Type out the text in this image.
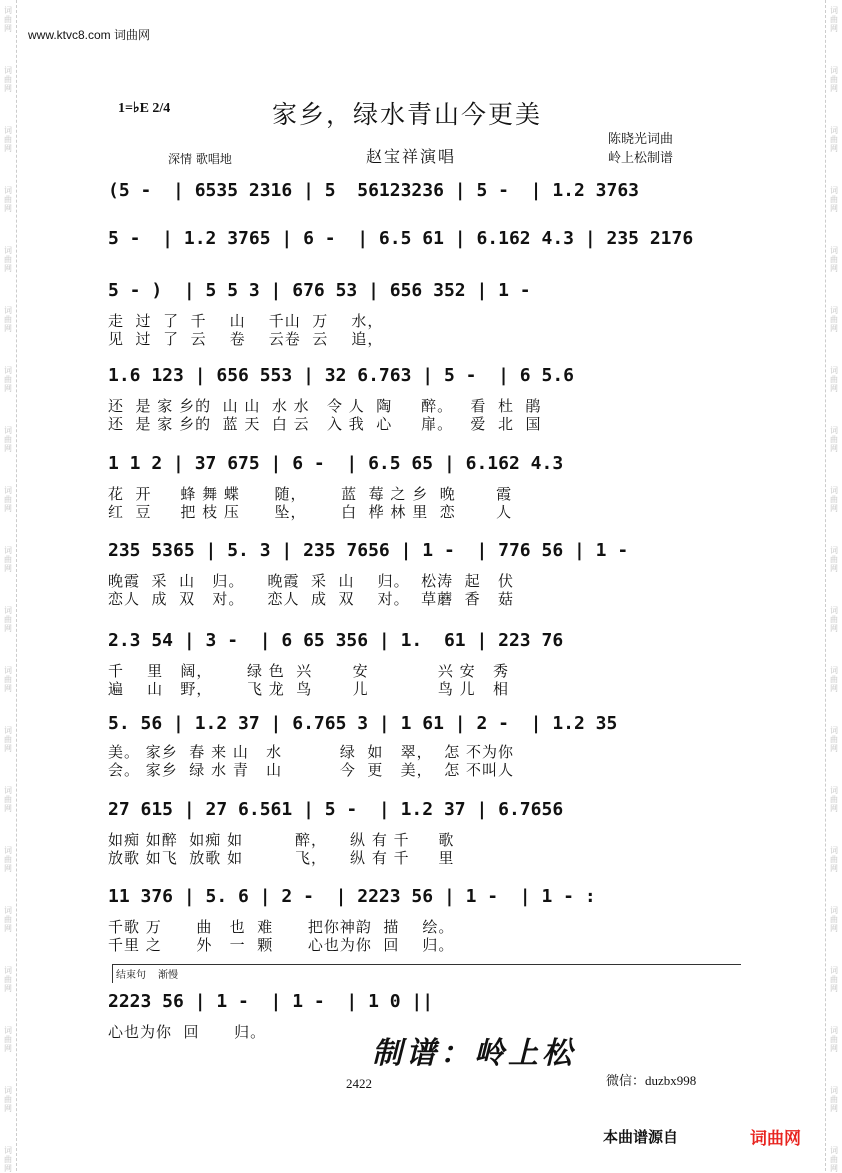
词
曲
网
词
曲
网
词
曲
网
词
曲
网
词
曲
网
词
曲
网
词
曲
网
词
曲
网
词
曲
网
词
曲
网
词
曲
网
词
曲
网
词
曲
网
词
曲
网
词
曲
网
词
曲
网
词
曲
网
词
曲
网
词
曲
网
词
曲
网
词
曲
网
词
曲
网
词
曲
网
词
曲
网
词
曲
网
词
曲
网
词
曲
网
词
曲
网
词
曲
网
词
曲
网
词
曲
网
词
曲
网
词
曲
网
词
曲
网
词
曲
网
词
曲
网
词
曲
网
词
曲
网
词
曲
网
词
曲
网
www.ktvc8.com 词曲网
1=♭E 2/4	家乡，绿水青山今更美
赵宝祥演唱
陈晓光词曲
岭上松制谱
深情 歌唱地
(5 -  | 6535 2316 | 5  56123236 | 5 -  | 1.2 3763
5 -  | 1.2 3765 | 6 -  | 6.5 61 | 6.162 4.3 | 235 2176
5 - )  | 5 5 3 | 676 53 | 656 352 | 1 -
走  过  了  千    山    千山  万    水，
见  过  了  云    卷    云卷  云    追，
1.6 123 | 656 553 | 32 6.763 | 5 -  | 6 5.6
还  是 家 乡的  山 山  水 水   令 人  陶     醉。   看  杜  鹃
还  是 家 乡的  蓝 天  白 云   入 我  心     扉。   爱  北  国
1 1 2 | 37 675 | 6 -  | 6.5 65 | 6.162 4.3
花  开     蜂 舞 蝶      随，      蓝  莓 之 乡  晚       霞
红  豆     把 枝 压      坠，      白  桦 林 里  恋       人
235 5365 | 5. 3 | 235 7656 | 1 -  | 776 56 | 1 -
晚霞  采  山   归。    晚霞  采  山    归。  松涛  起   伏
恋人  成  双   对。    恋人  成  双    对。  草蘑  香   菇
2.3 54 | 3 -  | 6 65 356 | 1.  61 | 223 76
千    里   阔，      绿 色  兴       安            兴 安   秀
遍    山   野，      飞 龙  鸟       儿            鸟 儿   相
5. 56 | 1.2 37 | 6.765 3 | 1 61 | 2 -  | 1.2 35
美。 家乡  春 来 山   水          绿  如   翠，  怎 不为你
会。 家乡  绿 水 青   山          今  更   美，  怎 不叫人
27 615 | 27 6.561 | 5 -  | 1.2 37 | 6.7656
如痴 如醉  如痴 如         醉，    纵 有 千     歌
放歌 如飞  放歌 如         飞，    纵 有 千     里
11 376 | 5. 6 | 2 -  | 2223 56 | 1 -  | 1 - :
千歌 万      曲   也  难      把你神韵  描    绘。
千里 之      外   一  颗      心也为你  回    归。
结束句 渐慢
2223 56 | 1 -  | 1 -  | 1 0 ||
心也为你  回      归。
制谱：岭上松
微信：duzbx998
2422
本曲谱源自	词曲网
